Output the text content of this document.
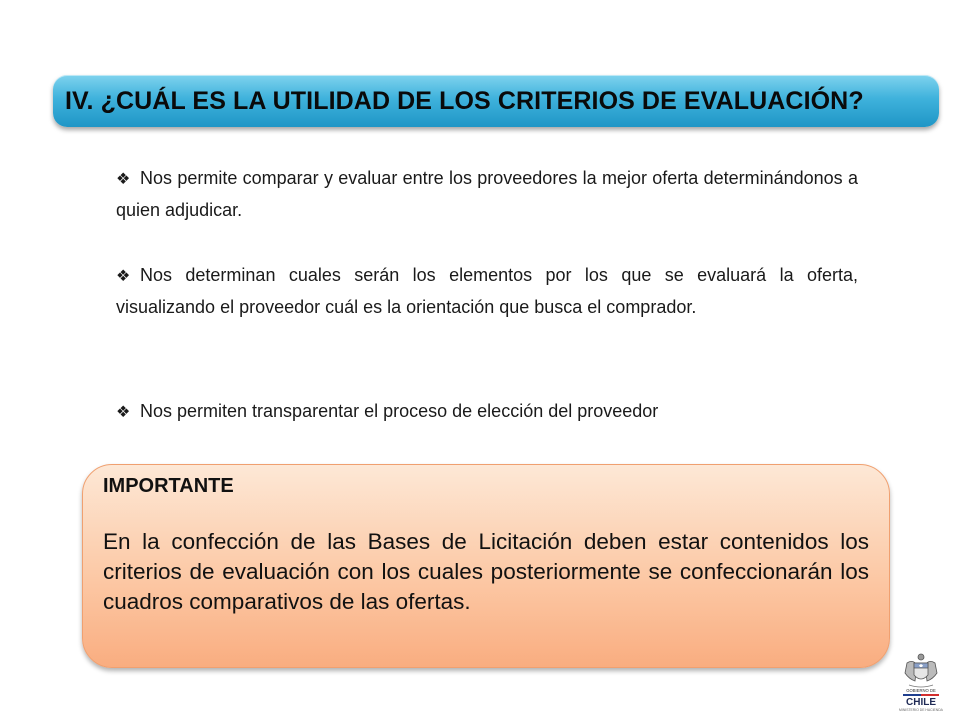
IV. ¿CUÁL ES LA UTILIDAD DE LOS CRITERIOS DE EVALUACIÓN?
❖ Nos permite comparar y evaluar entre los proveedores la mejor oferta determinándonos a quien adjudicar.
❖ Nos determinan cuales serán los elementos por los que se evaluará la oferta, visualizando el proveedor cuál es la orientación que busca el comprador.
❖ Nos permiten transparentar el proceso de elección del proveedor
IMPORTANTE
En la confección de las Bases de Licitación deben estar contenidos los criterios de evaluación con los cuales posteriormente se confeccionarán los cuadros comparativos de las ofertas.
GOBIERNO DE
CHILE
MINISTERIO DE HACIENDA
